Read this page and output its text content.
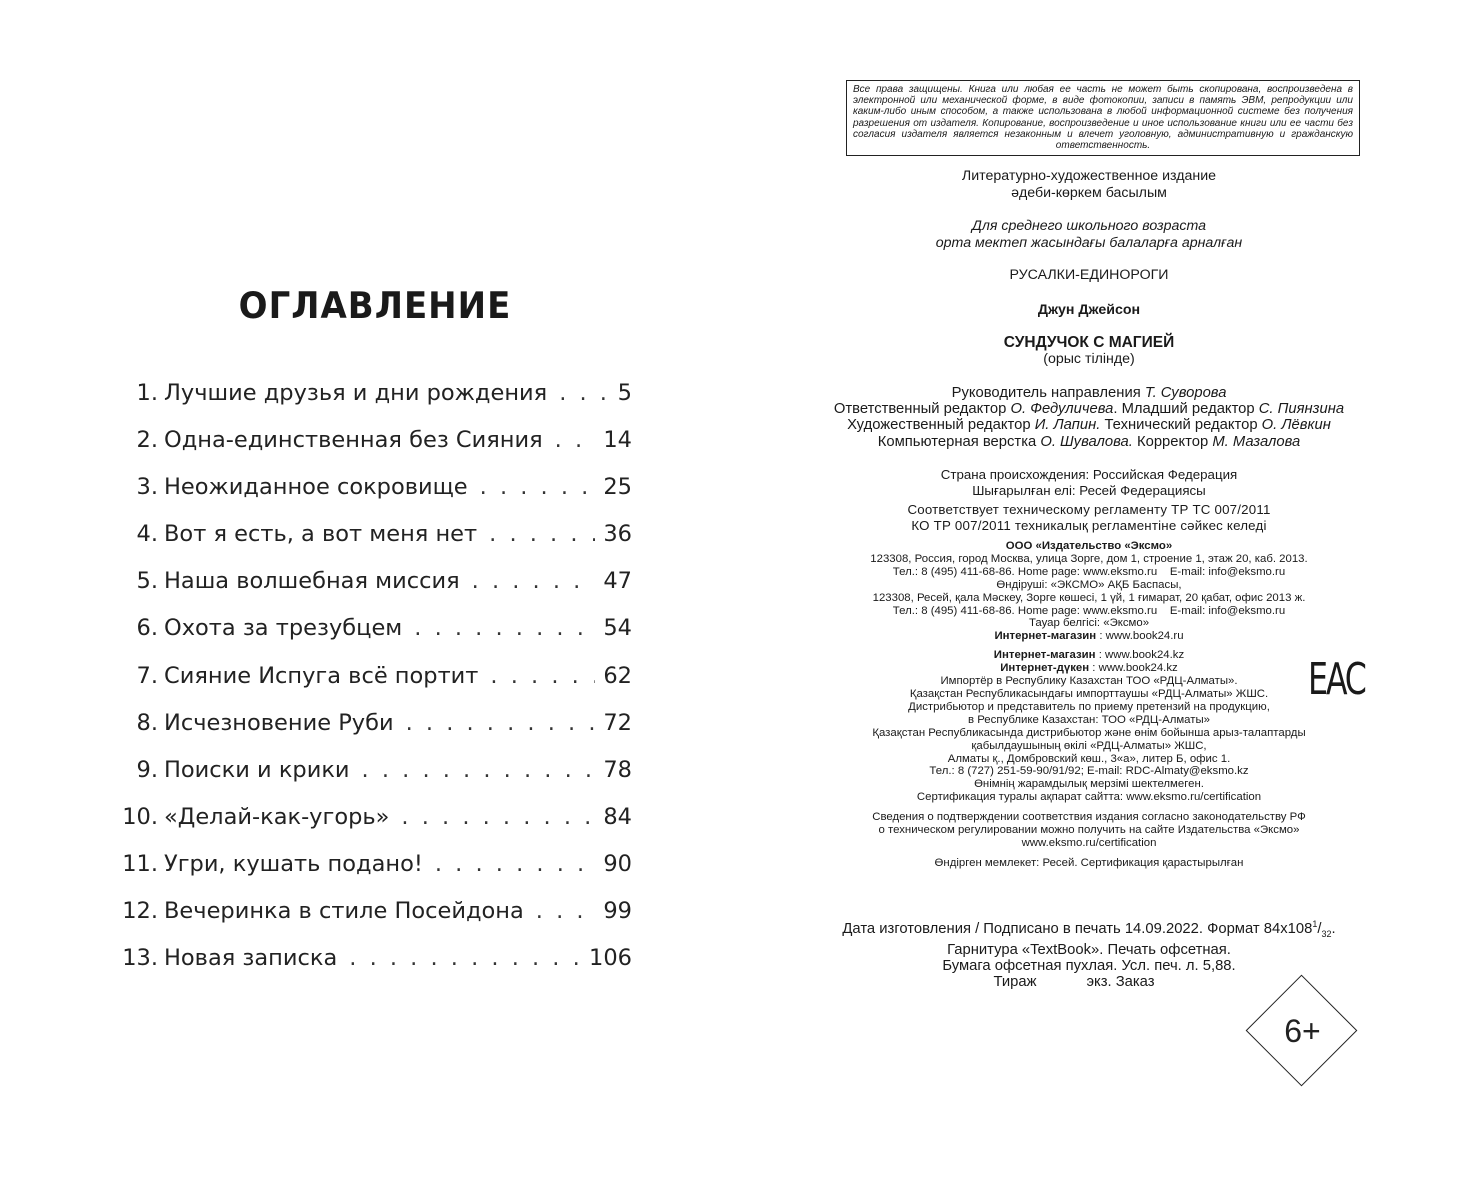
ОГЛАВЛЕНИЕ
1. Лучшие друзья и дни рождения . . .	5
2. Одна-единственная без Сияния . . .	14
3. Неожиданное сокровище . . .	25
4. Вот я есть, а вот меня нет . . .	36
5. Наша волшебная миссия . . .	47
6. Охота за трезубцем . . .	54
7. Сияние Испуга всё портит . . .	62
8. Исчезновение Руби . . .	72
9. Поиски и крики . . .	78
10. «Делай-как-угорь» . . .	84
11. Угри, кушать подано! . . .	90
12. Вечеринка в стиле Посейдона . . .	99
13. Новая записка . . .	106
Все права защищены. Книга или любая ее часть не может быть скопирована, воспроизведена в электронной или механической форме, в виде фотокопии, записи в память ЭВМ, репродукции или каким-либо иным способом, а также использована в любой информационной системе без получения разрешения от издателя. Копирование, воспроизведение и иное использование книги или ее части без согласия издателя является незаконным и влечет уголовную, административную и гражданскую ответственность.
Литературно-художественное издание
әдеби-көркем басылым
Для среднего школьного возраста
орта мектеп жасындағы балаларға арналған
РУСАЛКИ-ЕДИНОРОГИ
Джун Джейсон
СУНДУЧОК С МАГИЕЙ
(орыс тілінде)
Руководитель направления Т. Суворова
Ответственный редактор О. Федуличева. Младший редактор С. Пиянзина
Художественный редактор И. Лапин. Технический редактор О. Лёвкин
Компьютерная верстка О. Шувалова. Корректор М. Мазалова
Страна происхождения: Российская Федерация
Шығарылған елі: Ресей Федерациясы
Соответствует техническому регламенту ТР ТС 007/2011
КО ТР 007/2011 техникалық регламентіне сәйкес келеді
ООО «Издательство «Эксмо»
123308, Россия, город Москва, улица Зорге, дом 1, строение 1, этаж 20, каб. 2013.
Тел.: 8 (495) 411-68-86. Home page: www.eksmo.ru    E-mail: info@eksmo.ru
Өндіруші: «ЭКСМО» АҚБ Баспасы,
123308, Ресей, қала Мәскеу, Зорге көшесі, 1 үй, 1 ғимарат, 20 қабат, офис 2013 ж.
Тел.: 8 (495) 411-68-86. Home page: www.eksmo.ru    E-mail: info@eksmo.ru
Тауар белгісі: «Эксмо»
Интернет-магазин : www.book24.ru
Интернет-магазин : www.book24.kz
Интернет-дүкен : www.book24.kz
Импортёр в Республику Казахстан ТОО «РДЦ-Алматы».
Қазақстан Республикасындағы импорттаушы «РДЦ-Алматы» ЖШС.
Дистрибьютор и представитель по приему претензий на продукцию,
в Республике Казахстан: ТОО «РДЦ-Алматы»
Қазақстан Республикасында дистрибьютор және өнім бойынша арыз-талаптарды
қабылдаушының өкілі «РДЦ-Алматы» ЖШС,
Алматы қ., Домбровский көш., 3«а», литер Б, офис 1.
Тел.: 8 (727) 251-59-90/91/92; E-mail: RDC-Almaty@eksmo.kz
Өнімнің жарамдылық мерзімі шектелмеген.
Сертификация туралы ақпарат сайтта: www.eksmo.ru/certification
Сведения о подтверждении соответствия издания согласно законодательству РФ
о техническом регулировании можно получить на сайте Издательства «Эксмо»
www.eksmo.ru/certification
Өндірген мемлекет: Ресей. Сертификация қарастырылған
Дата изготовления / Подписано в печать 14.09.2022. Формат $84x108^1/_{32}$.
Гарнитура «TextBook». Печать офсетная.
Бумага офсетная пухлая. Усл. печ. л. 5,88.
Тираж	экз. Заказ
EAC
6+
